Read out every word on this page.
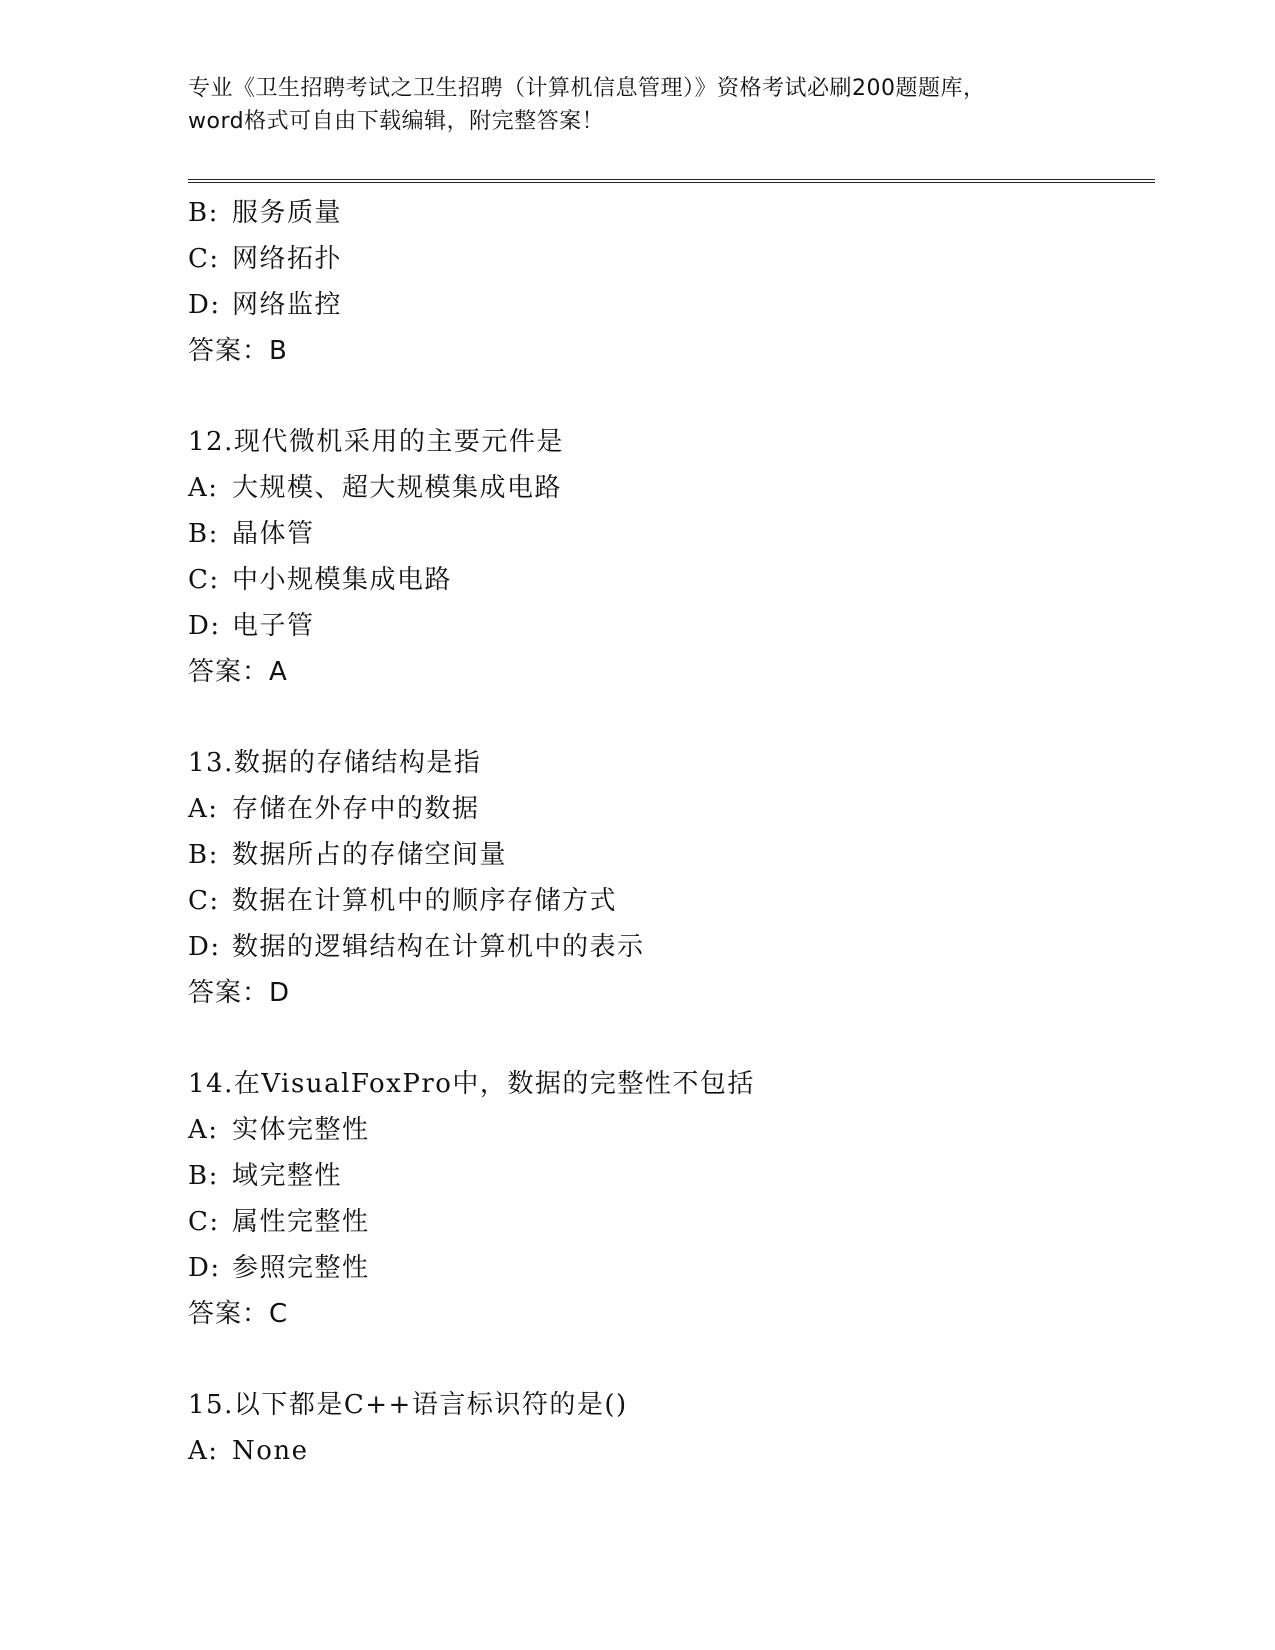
专业《卫生招聘考试之卫生招聘（计算机信息管理）》资格考试必刷200题题库，

word格式可自由下载编辑，附完整答案！

B: 服务质量
C: 网络拓扑
D: 网络监控
答案：B
12.现代微机采用的主要元件是
A: 大规模、超大规模集成电路
B: 晶体管
C: 中小规模集成电路
D: 电子管
答案：A
13.数据的存储结构是指
A: 存储在外存中的数据
B: 数据所占的存储空间量
C: 数据在计算机中的顺序存储方式
D: 数据的逻辑结构在计算机中的表示
答案：D
14.在VisualFoxPro中，数据的完整性不包括
A: 实体完整性
B: 域完整性
C: 属性完整性
D: 参照完整性
答案：C
15.以下都是C++语言标识符的是()
A: None
